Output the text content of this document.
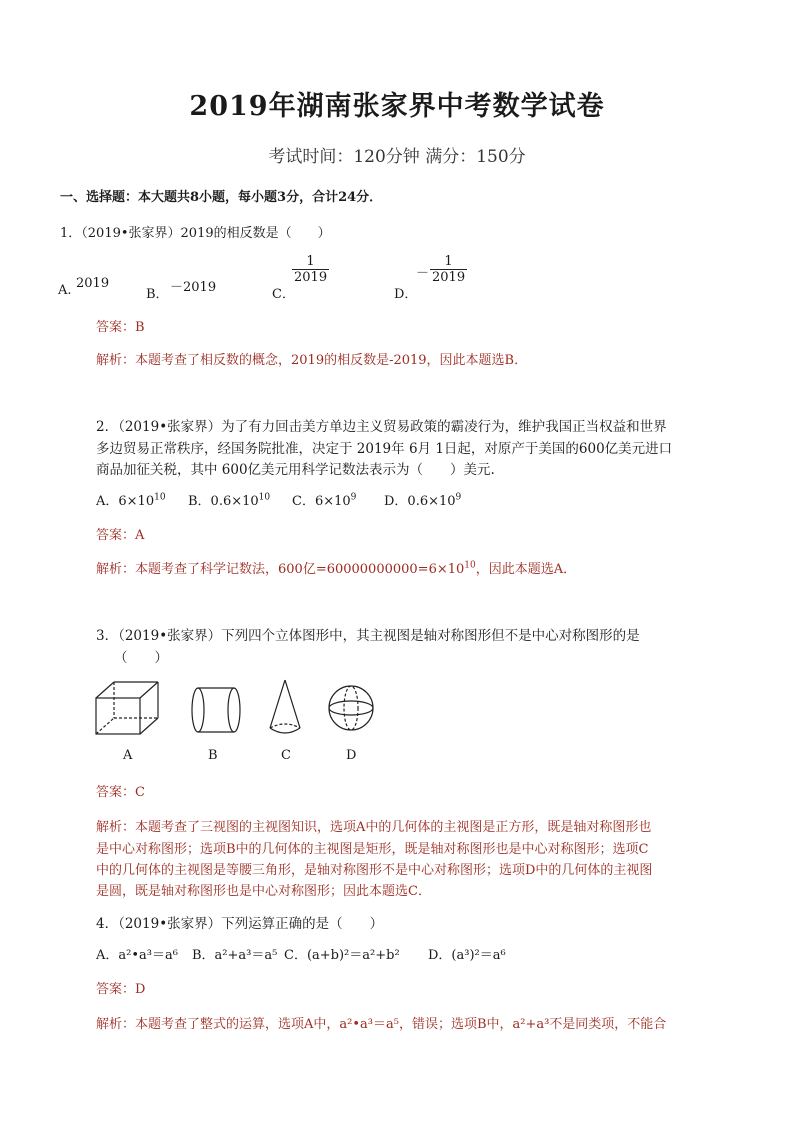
2019年湖南张家界中考数学试卷
考试时间：120分钟 满分：150分
一、选择题：本大题共8小题，每小题3分，合计24分．
1．（2019•张家界）2019的相反数是（　　）
A. 2019
B． －2019	C．
$\frac{1}{2019}$
D．
－ $\frac{1}{2019}$
答案：B
解析：本题考查了相反数的概念，2019的相反数是-2019，因此本题选B．
2．（2019•张家界）为了有力回击美方单边主义贸易政策的霸凌行为，维护我国正当权益和世界
多边贸易正常秩序，经国务院批准，决定于 2019年 6月 1日起，对原产于美国的600亿美元进口
商品加征关税，其中 600亿美元用科学记数法表示为（　　）美元.
A．$6\times 10^{10}$ B．$0.6\times 10^{10}$ C．$6\times 10^9$ D．$0.6\times 10^9$
答案：A
解析：本题考查了科学记数法，600亿$=60000000000=6\times 10^{10}$，因此本题选A．
3．（2019•张家界）下列四个立体图形中，其主视图是轴对称图形但不是中心对称图形的是
（　　）
A	B	C	D
答案：C
解析：本题考查了三视图的主视图知识，选项A中的几何体的主视图是正方形，既是轴对称图形也
是中心对称图形；选项B中的几何体的主视图是矩形，既是轴对称图形也是中心对称图形；选项C
中的几何体的主视图是等腰三角形，是轴对称图形不是中心对称图形；选项D中的几何体的主视图
是圆，既是轴对称图形也是中心对称图形；因此本题选C．
4．（2019•张家界）下列运算正确的是（　　）
A．a²•a³＝a⁶ B．a²+a³＝a⁵ C．(a+b)²＝a²+b² D．(a³)²＝a⁶
答案：D
解析：本题考查了整式的运算，选项A中，a²•a³＝a⁵，错误；选项B中，a²+a³不是同类项，不能合
